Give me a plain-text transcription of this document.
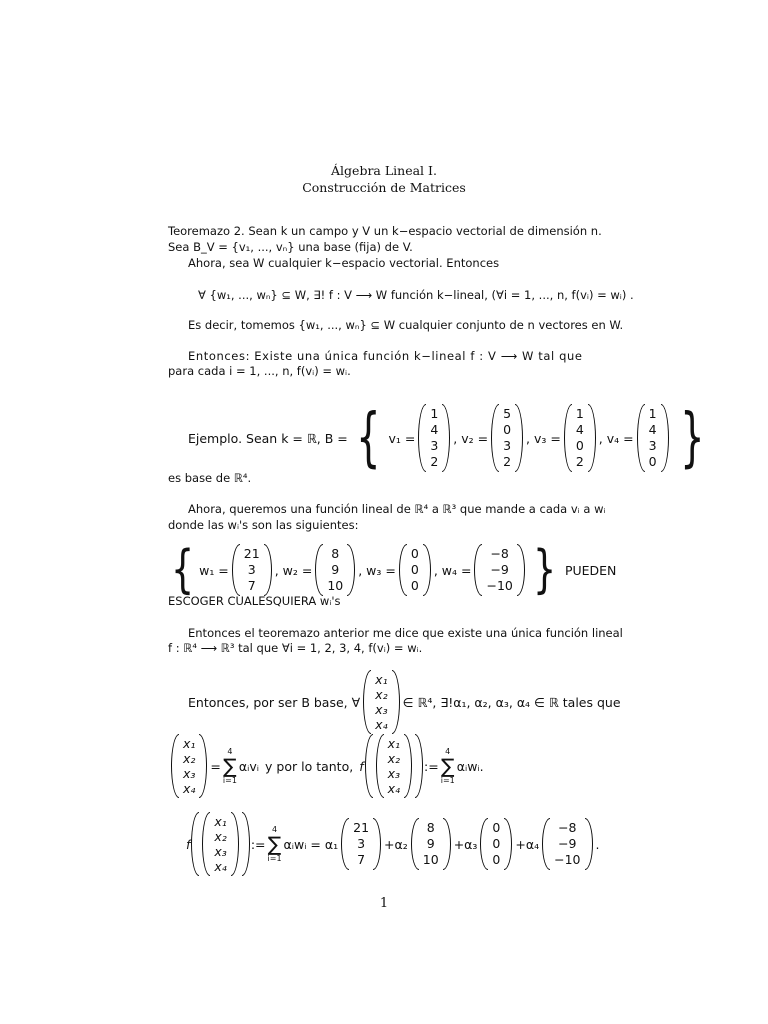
Álgebra Lineal I.
Construcción de Matrices
Teoremazo 2. Sean k un campo y V un k−espacio vectorial de dimensión n.
Sea B_V = {v₁, ..., vₙ} una base (fija) de V.
Ahora, sea W cualquier k−espacio vectorial. Entonces
∀ {w₁, ..., wₙ} ⊆ W, ∃! f : V ⟶ W función k−lineal, (∀i = 1, ..., n, f(vᵢ) = wᵢ) .
Es decir, tomemos {w₁, ..., wₙ} ⊆ W cualquier conjunto de n vectores en W.
Entonces: Existe una única función k−lineal f : V ⟶ W tal que
para cada i = 1, ..., n, f(vᵢ) = wᵢ.
Ejemplo. Sean k = ℝ, B = { v₁ =
1
4
3
2
, v₂ =
5
0
3
2
, v₃ =
1
4
0
2
, v₄ =
1
4
3
0 }
es base de ℝ⁴.
Ahora, queremos una función lineal de ℝ⁴ a ℝ³ que mande a cada vᵢ a wᵢ
donde las wᵢ's son las siguientes:
{ w₁ =
21
3
7
, w₂ =
8
9
10
, w₃ =
0
0
0
, w₄ =
−8
−9
−10 } PUEDEN
ESCOGER CUALESQUIERA wᵢ's
Entonces el teoremazo anterior me dice que existe una única función lineal
f : ℝ⁴ ⟶ ℝ³ tal que ∀i = 1, 2, 3, 4, f(vᵢ) = wᵢ.
Entonces, por ser B base, ∀
x₁
x₂
x₃
x₄
∈ ℝ⁴, ∃!α₁, α₂, α₃, α₄ ∈ ℝ tales que
x₁
x₂
x₃
x₄
=
4
∑
i=1
αᵢvᵢ y por lo tanto, f
x₁
x₂
x₃
x₄
:=
4
∑
i=1
αᵢwᵢ.
f
x₁
x₂
x₃
x₄
:=
4
∑
i=1
αᵢwᵢ = α₁
21
3
7
+α₂
8
9
10
+α₃
0
0
0
+α₄
−8
−9
−10
.
1
